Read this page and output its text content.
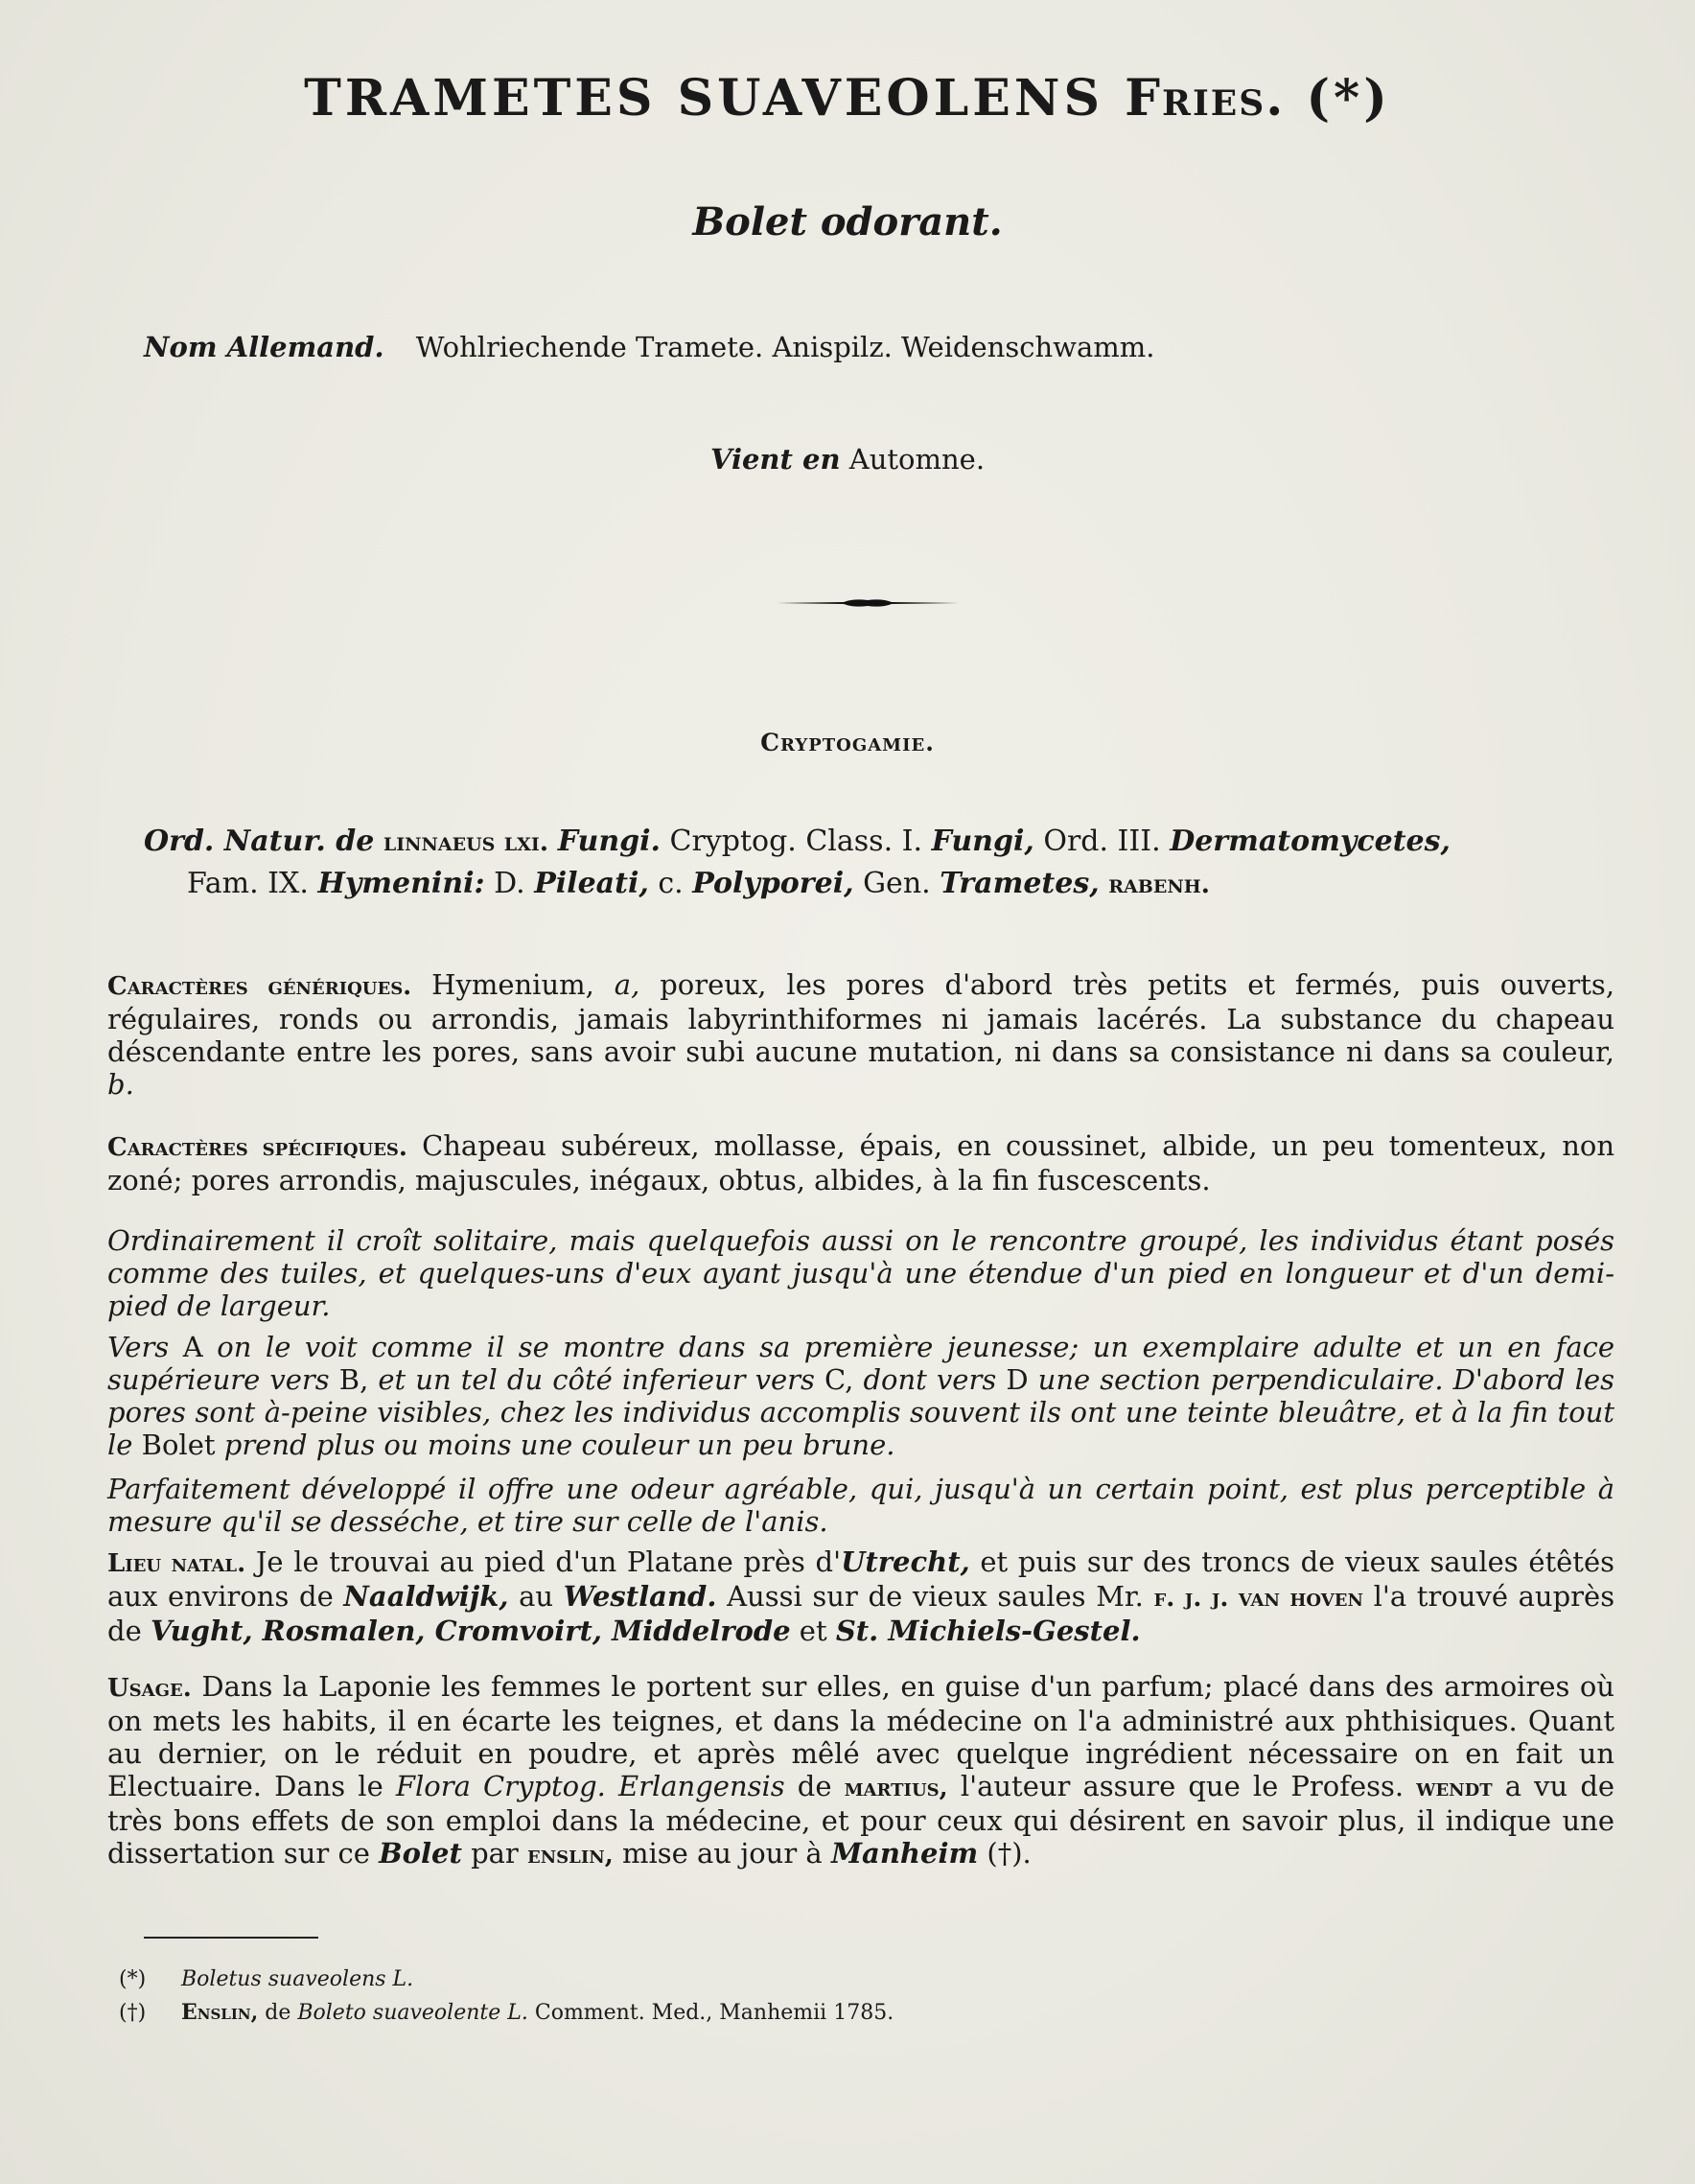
TRAMETES SUAVEOLENS Fries. (*)
Bolet odorant.
Nom Allemand. Wohlriechende Tramete. Anispilz. Weidenschwamm.
Vient en Automne.
Cryptogamie.
Ord. Natur. de linnaeus lxi. Fungi. Cryptog. Class. I. Fungi, Ord. III. Dermatomycetes,
Fam. IX. Hymenini: D. Pileati, c. Polyporei, Gen. Trametes, rabenh.
Caractères génériques. Hymenium, a, poreux, les pores d'abord très petits et fermés, puis ouverts, régulaires, ronds ou arrondis, jamais labyrinthiformes ni jamais lacérés. La substance du chapeau déscendante entre les pores, sans avoir subi aucune mutation, ni dans sa consistance ni dans sa couleur, b.
Caractères spécifiques. Chapeau subéreux, mollasse, épais, en coussinet, albide, un peu tomenteux, non zoné; pores arrondis, majuscules, inégaux, obtus, albides, à la fin fuscescents.
Ordinairement il croît solitaire, mais quelquefois aussi on le rencontre groupé, les individus étant posés comme des tuiles, et quelques-uns d'eux ayant jusqu'à une étendue d'un pied en longueur et d'un demi-pied de largeur.
Vers A on le voit comme il se montre dans sa première jeunesse; un exemplaire adulte et un en face supérieure vers B, et un tel du côté inferieur vers C, dont vers D une section perpendiculaire. D'abord les pores sont à-peine visibles, chez les individus accomplis souvent ils ont une teinte bleuâtre, et à la fin tout le Bolet prend plus ou moins une couleur un peu brune.
Parfaitement développé il offre une odeur agréable, qui, jusqu'à un certain point, est plus perceptible à mesure qu'il se desséche, et tire sur celle de l'anis.
Lieu natal. Je le trouvai au pied d'un Platane près d'Utrecht, et puis sur des troncs de vieux saules étêtés aux environs de Naaldwijk, au Westland. Aussi sur de vieux saules Mr. f. j. j. van hoven l'a trouvé auprès de Vught, Rosmalen, Cromvoirt, Middelrode et St. Michiels-Gestel.
Usage. Dans la Laponie les femmes le portent sur elles, en guise d'un parfum; placé dans des armoires où on mets les habits, il en écarte les teignes, et dans la médecine on l'a administré aux phthisiques. Quant au dernier, on le réduit en poudre, et après mêlé avec quelque ingrédient nécessaire on en fait un Electuaire. Dans le Flora Cryptog. Erlangensis de martius, l'auteur assure que le Profess. wendt a vu de très bons effets de son emploi dans la médecine, et pour ceux qui désirent en savoir plus, il indique une dissertation sur ce Bolet par enslin, mise au jour à Manheim (†).
(*) Boletus suaveolens L.
(†) Enslin, de Boleto suaveolente L. Comment. Med., Manhemii 1785.
